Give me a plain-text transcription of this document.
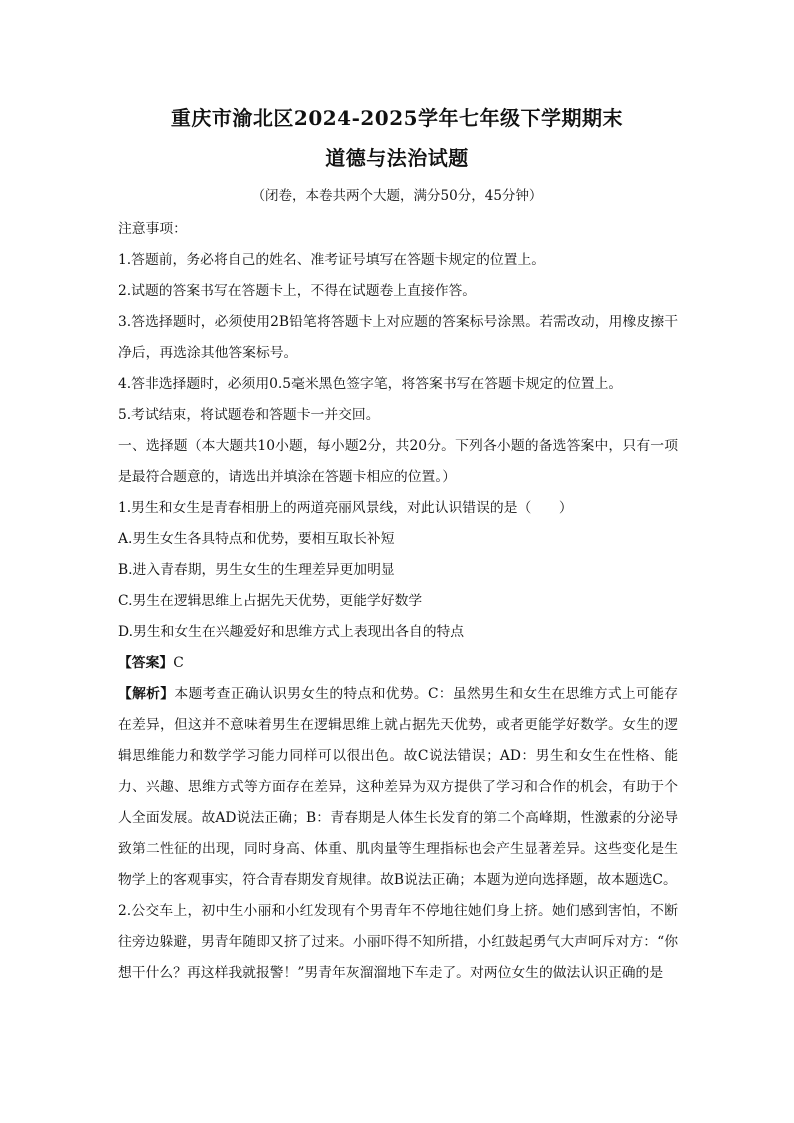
重庆市渝北区2024-2025学年七年级下学期期末
道德与法治试题
（闭卷，本卷共两个大题，满分50分，45分钟）

注意事项：

1.答题前，务必将自己的姓名、准考证号填写在答题卡规定的位置上。

2.试题的答案书写在答题卡上，不得在试题卷上直接作答。

3.答选择题时，必须使用2B铅笔将答题卡上对应题的答案标号涂黑。若需改动，用橡皮擦干净后，再选涂其他答案标号。

4.答非选择题时，必须用0.5毫米黑色签字笔，将答案书写在答题卡规定的位置上。

5.考试结束，将试题卷和答题卡一并交回。

一、选择题（本大题共10小题，每小题2分，共20分。下列各小题的备选答案中，只有一项是最符合题意的，请选出并填涂在答题卡相应的位置。）

1.男生和女生是青春相册上的两道亮丽风景线，对此认识错误的是（　　）

A.男生女生各具特点和优势，要相互取长补短

B.进入青春期，男生女生的生理差异更加明显

C.男生在逻辑思维上占据先天优势，更能学好数学

D.男生和女生在兴趣爱好和思维方式上表现出各自的特点

【答案】C

【解析】本题考查正确认识男女生的特点和优势。C：虽然男生和女生在思维方式上可能存在差异，但这并不意味着男生在逻辑思维上就占据先天优势，或者更能学好数学。女生的逻辑思维能力和数学学习能力同样可以很出色。故C说法错误；AD：男生和女生在性格、能力、兴趣、思维方式等方面存在差异，这种差异为双方提供了学习和合作的机会，有助于个人全面发展。故AD说法正确；B：青春期是人体生长发育的第二个高峰期，性激素的分泌导致第二性征的出现，同时身高、体重、肌肉量等生理指标也会产生显著差异。这些变化是生物学上的客观事实，符合青春期发育规律。故B说法正确；本题为逆向选择题，故本题选C。

2.公交车上，初中生小丽和小红发现有个男青年不停地往她们身上挤。她们感到害怕，不断往旁边躲避，男青年随即又挤了过来。小丽吓得不知所措，小红鼓起勇气大声呵斥对方：“你想干什么？再这样我就报警！”男青年灰溜溜地下车走了。对两位女生的做法认识正确的是
